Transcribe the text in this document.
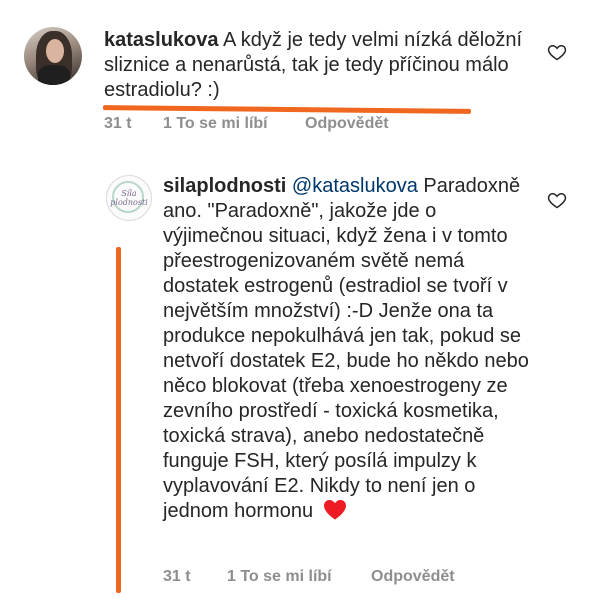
kataslukova A když je tedy velmi nízká děložní sliznice a nenarůstá, tak je tedy příčinou málo estradiolu? :)
31 t 1 To se mi líbí Odpovědět
Síla plodnosti
silaplodnosti @kataslukova Paradoxně ano. "Paradoxně", jakože jde o výjimečnou situaci, když žena i v tomto přeestrogenizovaném světě nemá dostatek estrogenů (estradiol se tvoří v největším množství) :-D Jenže ona ta produkce nepokulhává jen tak, pokud se netvoří dostatek E2, bude ho někdo nebo něco blokovat (třeba xenoestrogeny ze zevního prostředí - toxická kosmetika, toxická strava), anebo nedostatečně funguje FSH, který posílá impulzy k vyplavování E2. Nikdy to není jen o jednom hormonu
31 t 1 To se mi líbí Odpovědět
